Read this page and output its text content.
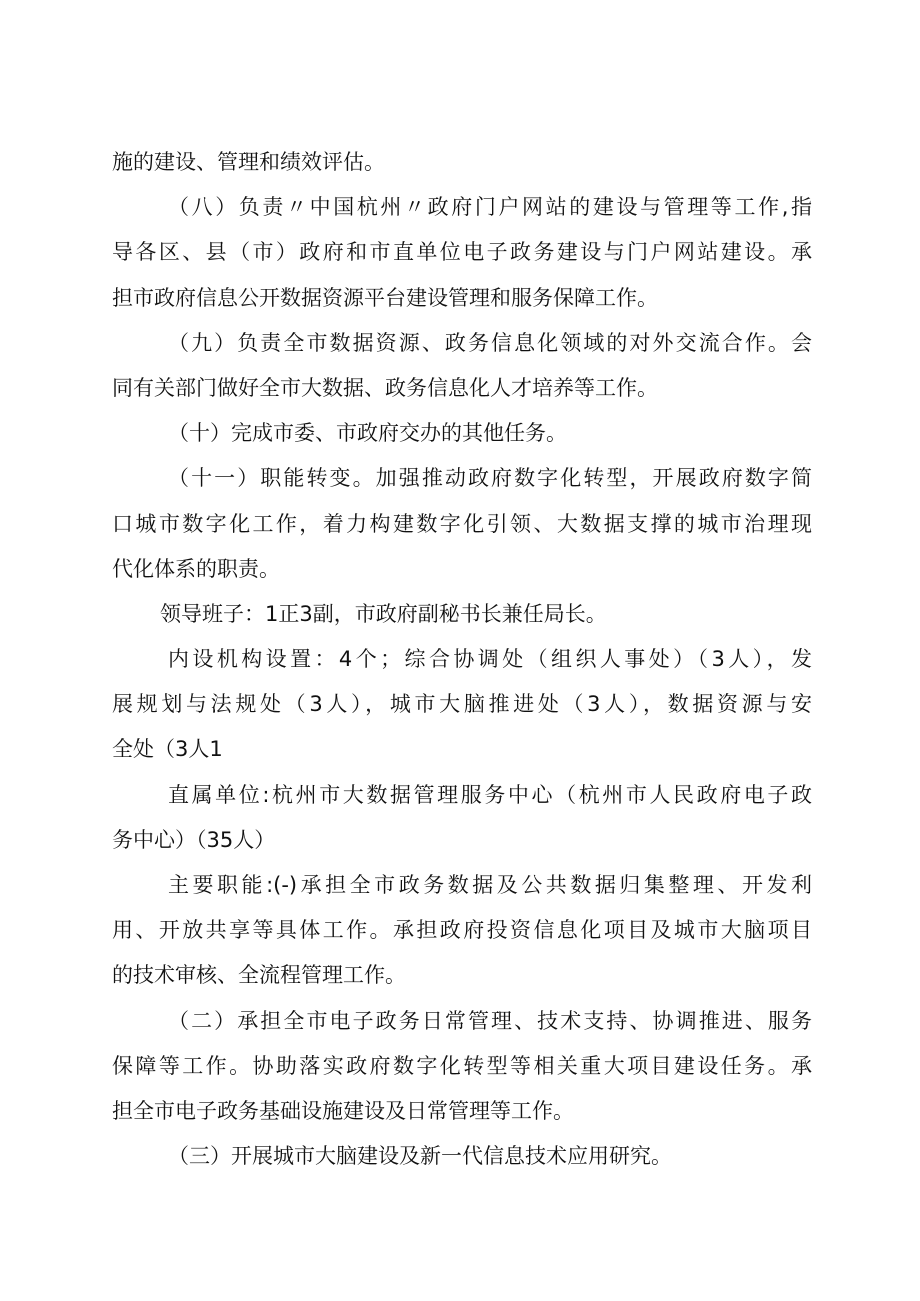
施的建设、管理和绩效评估。
（八）负责〃中国杭州〃政府门户网站的建设与管理等工作,指
导各区、县（市）政府和市直单位电子政务建设与门户网站建设。承
担市政府信息公开数据资源平台建设管理和服务保障工作。
（九）负责全市数据资源、政务信息化领域的对外交流合作。会
同有关部门做好全市大数据、政务信息化人才培养等工作。
（十）完成市委、市政府交办的其他任务。
（十一）职能转变。加强推动政府数字化转型，开展政府数字简
口城市数字化工作，着力构建数字化引领、大数据支撑的城市治理现
代化体系的职责。
领导班子：1正3副，市政府副秘书长兼任局长。
内设机构设置：4个；综合协调处（组织人事处）（3人），发
展规划与法规处（3人），城市大脑推进处（3人），数据资源与安
全处（3人1
直属单位:杭州市大数据管理服务中心（杭州市人民政府电子政
务中心）（35人）
主要职能:(-)承担全市政务数据及公共数据归集整理、开发利
用、开放共享等具体工作。承担政府投资信息化项目及城市大脑项目
的技术审核、全流程管理工作。
（二）承担全市电子政务日常管理、技术支持、协调推进、服务
保障等工作。协助落实政府数字化转型等相关重大项目建设任务。承
担全市电子政务基础设施建设及日常管理等工作。
（三）开展城市大脑建设及新一代信息技术应用研究。
